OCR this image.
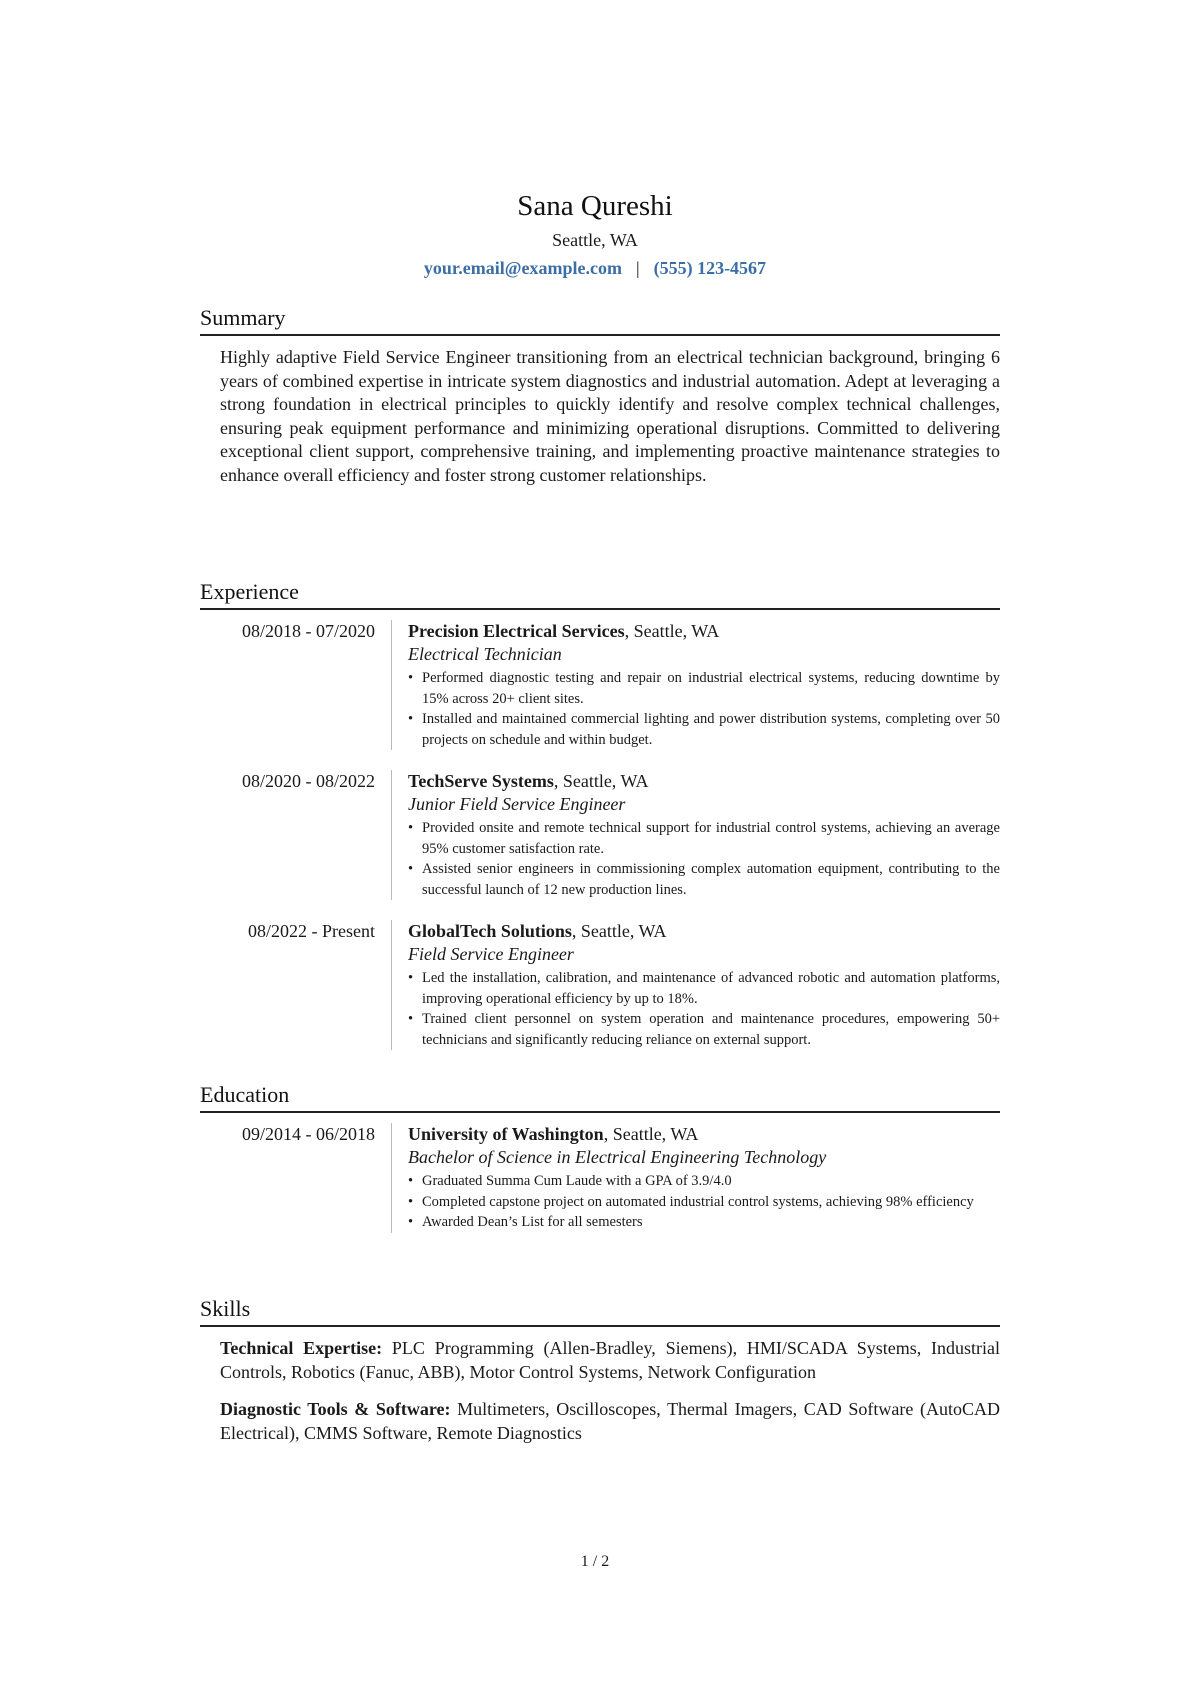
Sana Qureshi
Seattle, WA
your.email@example.com | (555) 123-4567
Summary
Highly adaptive Field Service Engineer transitioning from an electrical technician background, bringing 6 years of combined expertise in intricate system diagnostics and industrial automation. Adept at leveraging a strong foundation in electrical principles to quickly identify and resolve complex technical challenges, ensuring peak equipment performance and minimizing operational disruptions. Committed to delivering exceptional client support, comprehensive training, and implementing proactive maintenance strategies to enhance overall efficiency and foster strong customer relationships.
Experience
08/2018 - 07/2020 Precision Electrical Services, Seattle, WA
Electrical Technician
• Performed diagnostic testing and repair on industrial electrical systems, reducing downtime by 15% across 20+ client sites.
• Installed and maintained commercial lighting and power distribution systems, completing over 50 projects on schedule and within budget.
08/2020 - 08/2022 TechServe Systems, Seattle, WA
Junior Field Service Engineer
• Provided onsite and remote technical support for industrial control systems, achieving an average 95% customer satisfaction rate.
• Assisted senior engineers in commissioning complex automation equipment, contributing to the successful launch of 12 new production lines.
08/2022 - Present GlobalTech Solutions, Seattle, WA
Field Service Engineer
• Led the installation, calibration, and maintenance of advanced robotic and automation platforms, improving operational efficiency by up to 18%.
• Trained client personnel on system operation and maintenance procedures, empowering 50+ technicians and significantly reducing reliance on external support.
Education
09/2014 - 06/2018 University of Washington, Seattle, WA
Bachelor of Science in Electrical Engineering Technology
• Graduated Summa Cum Laude with a GPA of 3.9/4.0
• Completed capstone project on automated industrial control systems, achieving 98% efficiency
• Awarded Dean’s List for all semesters
Skills
Technical Expertise: PLC Programming (Allen-Bradley, Siemens), HMI/SCADA Systems, Industrial Controls, Robotics (Fanuc, ABB), Motor Control Systems, Network Configuration
Diagnostic Tools & Software: Multimeters, Oscilloscopes, Thermal Imagers, CAD Software (AutoCAD Electrical), CMMS Software, Remote Diagnostics
1 / 2
